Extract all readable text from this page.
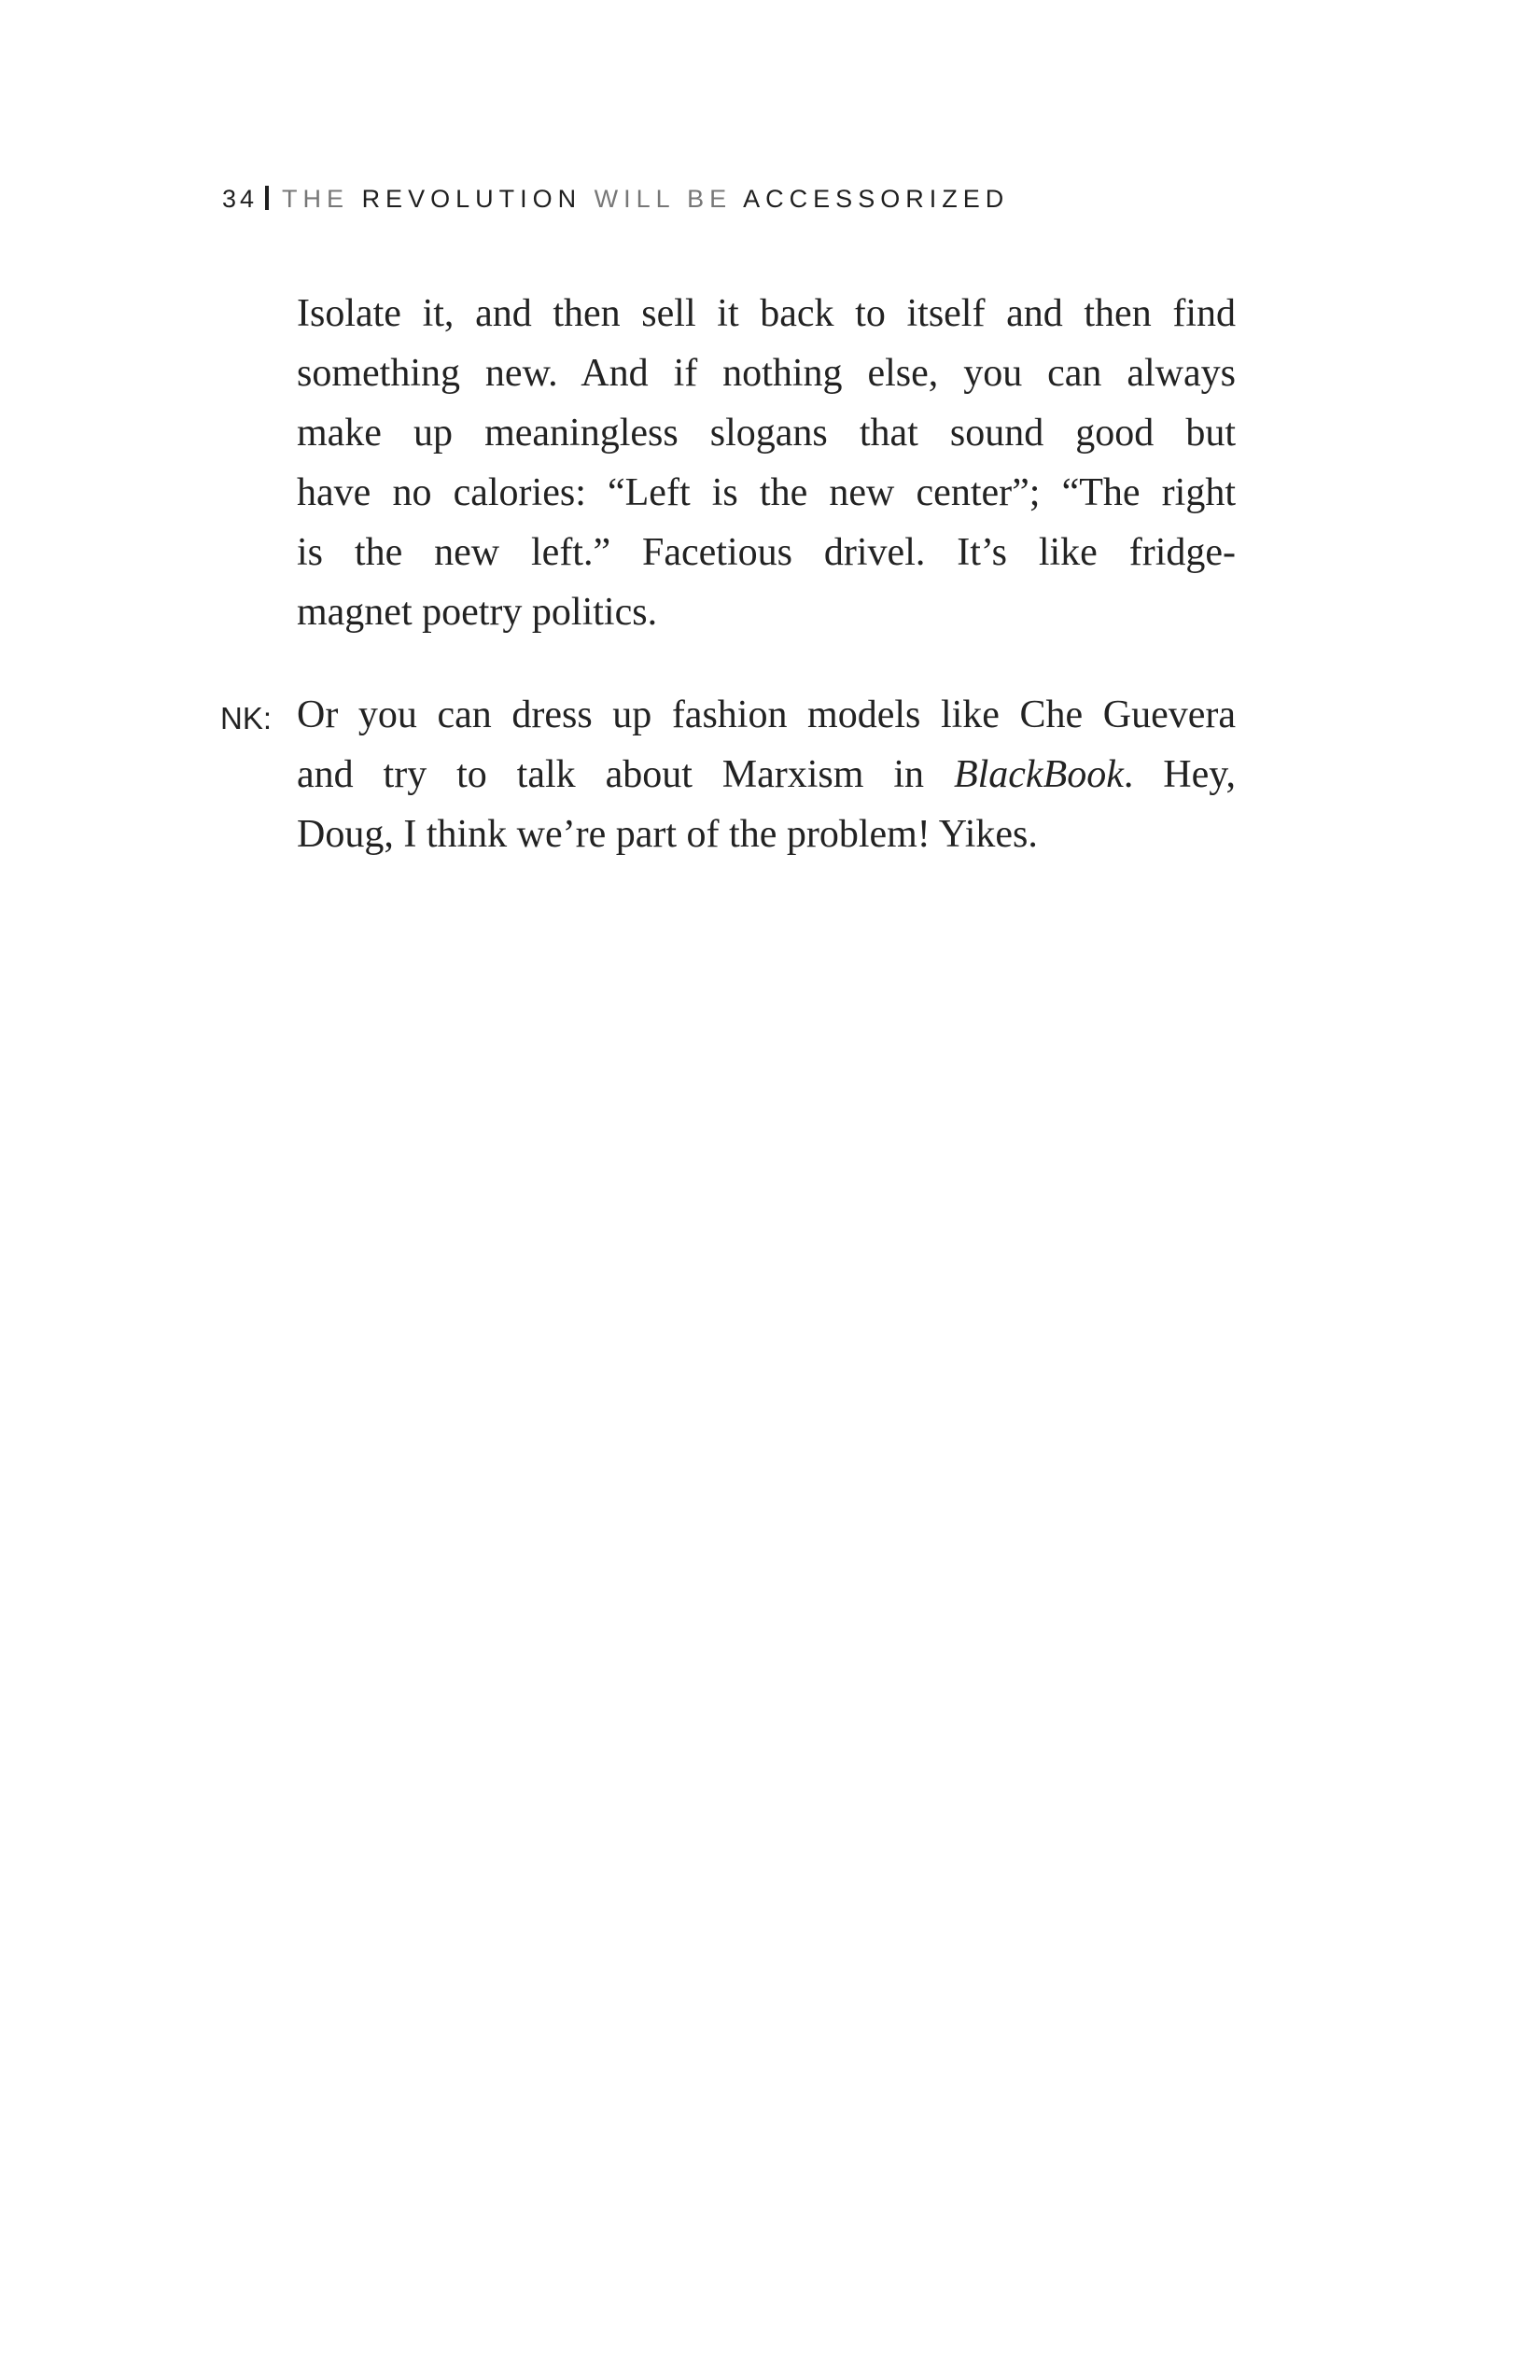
34 THE REVOLUTION WILL BE ACCESSORIZED
Isolate it, and then sell it back to itself and then find
something new. And if nothing else, you can always
make up meaningless slogans that sound good but
have no calories: “Left is the new center”; “The right
is the new left.” Facetious drivel. It’s like fridge-
magnet poetry politics.
NK: Or you can dress up fashion models like Che Guevera
and try to talk about Marxism in BlackBook. Hey,
Doug, I think we’re part of the problem! Yikes.
